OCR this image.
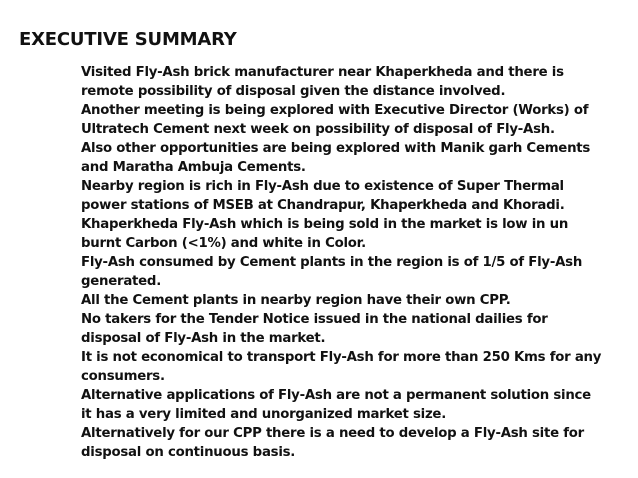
EXECUTIVE SUMMARY
Visited Fly-Ash brick manufacturer near Khaperkheda and there is
remote possibility of disposal given the distance involved.
Another meeting is being explored with Executive Director (Works) of
Ultratech Cement next week on possibility of disposal of Fly-Ash.
Also other opportunities are being explored with Manik garh Cements
and Maratha Ambuja Cements.
Nearby region is rich in Fly-Ash due to existence of Super Thermal
power stations of MSEB at Chandrapur, Khaperkheda and Khoradi.
Khaperkheda Fly-Ash which is being sold in the market is low in un
burnt Carbon (<1%) and white in Color.
Fly-Ash consumed by Cement plants in the region is of 1/5 of Fly-Ash
generated.
All the Cement plants in nearby region have their own CPP.
No takers for the Tender Notice issued in the national dailies for
disposal of Fly-Ash in the market.
It is not economical to transport Fly-Ash for more than 250 Kms for any
consumers.
Alternative applications of Fly-Ash are not a permanent solution since
it has a very limited and unorganized market size.
Alternatively for our CPP there is a need to develop a Fly-Ash site for
disposal on continuous basis.
